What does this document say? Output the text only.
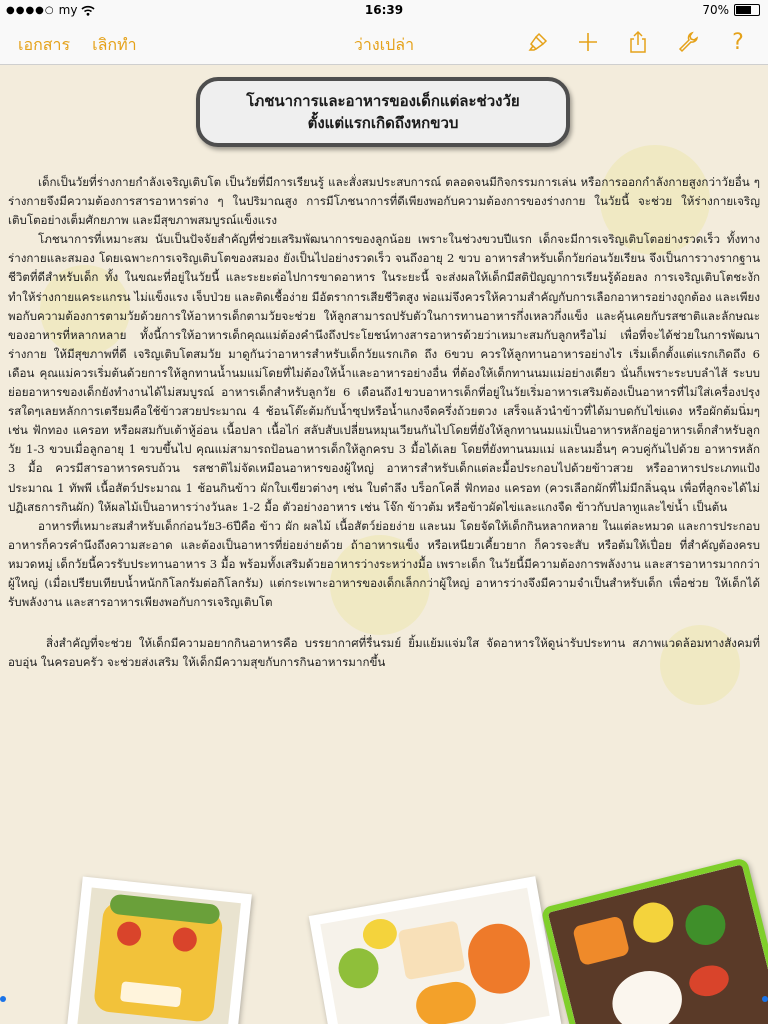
●●●●○ my	16:39	70%
เอกสาร เลิกทำ	ว่างเปล่า	?
โภชนาการและอาหารของเด็กแต่ละช่วงวัย
ตั้งแต่แรกเกิดถึงหกขวบ

เด็กเป็นวัยที่ร่างกายกำลังเจริญเติบโต เป็นวัยที่มีการเรียนรู้ และสั่งสมประสบการณ์ ตลอดจนมีกิจกรรมการเล่น หรือการออกกำลังกายสูงกว่าวัยอื่น ๆ ร่างกายจึงมีความต้องการสารอาหารต่าง ๆ ในปริมาณสูง การมีโภชนาการที่ดีเพียงพอกับความต้องการของร่างกาย ในวัยนี้ จะช่วย ให้ร่างกายเจริญเติบโตอย่างเต็มศักยภาพ และมีสุขภาพสมบูรณ์แข็งแรง

โภชนาการที่เหมาะสม นับเป็นปัจจัยสำคัญที่ช่วยเสริมพัฒนาการของลูกน้อย เพราะในช่วงขวบปีแรก เด็กจะมีการเจริญเติบโตอย่างรวดเร็ว ทั้งทางร่างกายและสมอง โดยเฉพาะการเจริญเติบโตของสมอง ยังเป็นไปอย่างรวดเร็ว จนถึงอายุ 2 ขวบ อาหารสำหรับเด็กวัยก่อนวัยเรียน จึงเป็นการวางรากฐานชีวิตที่ดีสำหรับเด็ก ทั้ง ในขณะที่อยู่ในวัยนี้ และระยะต่อไปการขาดอาหาร ในระยะนี้ จะส่งผลให้เด็กมีสติปัญญาการเรียนรู้ด้อยลง การเจริญเติบโตชะงัก ทำให้ร่างกายแคระแกรน ไม่แข็งแรง เจ็บป่วย และติดเชื้อง่าย มีอัตราการเสียชีวิตสูง พ่อแม่จึงควรให้ความสำคัญกับการเลือกอาหารอย่างถูกต้อง และเพียงพอกับความต้องการตามวัยด้วยการให้อาหารเด็กตามวัยจะช่วย ให้ลูกสามารถปรับตัวในการทานอาหารกึ่งเหลวกึ่งแข็ง และคุ้นเคยกับรสชาติและลักษณะของอาหารที่หลากหลาย ทั้งนี้การให้อาหารเด็กคุณแม่ต้องคำนึงถึงประโยชน์ทางสารอาหารด้วยว่าเหมาะสมกับลูกหรือไม่ เพื่อที่จะได้ช่วยในการพัฒนาร่างกาย ให้มีสุขภาพที่ดี เจริญเติบโตสมวัย มาดูกันว่าอาหารสำหรับเด็กวัยแรกเกิด ถึง 6ขวบ ควรให้ลูกทานอาหารอย่างไร เริ่มเด็กตั้งแต่แรกเกิดถึง 6 เดือน คุณแม่ควรเริ่มต้นด้วยการให้ลูกทานน้ำนมแม่โดยที่ไม่ต้องให้น้ำและอาหารอย่างอื่น ที่ต้องให้เด็กทานนมแม่อย่างเดียว นั่นก็เพราะระบบลำไส้ ระบบย่อยอาหารของเด็กยังทำงานได้ไม่สมบูรณ์ อาหารเด็กสำหรับลูกวัย 6 เดือนถึง1ขวบอาหารเด็กที่อยู่ในวัยเริ่มอาหารเสริมต้องเป็นอาหารที่ไม่ใส่เครื่องปรุงรสใดๆเลยหลักการเตรียมคือใช้ข้าวสวยประมาณ 4 ช้อนโต๊ะต้มกับน้ำซุปหรือน้ำแกงจืดครึ่งถ้วยตวง เสร็จแล้วนำข้าวที่ได้มาบดกับไข่แดง หรือผักต้มนิ่มๆ เช่น ฟักทอง แครอท หรือผสมกับเต้าหู้อ่อน เนื้อปลา เนื้อไก่ สลับสับเปลี่ยนหมุนเวียนกันไปโดยที่ยังให้ลูกทานนมแม่เป็นอาหารหลักอยู่อาหารเด็กสำหรับลูกวัย 1-3 ขวบเมื่อลูกอายุ 1 ขวบขึ้นไป คุณแม่สามารถป้อนอาหารเด็กให้ลูกครบ 3 มื้อได้เลย โดยที่ยังทานนมแม่ และนมอื่นๆ ควบคู่กันไปด้วย อาหารหลัก 3 มื้อ ควรมีสารอาหารครบถ้วน รสชาติไม่จัดเหมือนอาหารของผู้ใหญ่ อาหารสำหรับเด็กแต่ละมื้อประกอบไปด้วยข้าวสวย หรืออาหารประเภทแป้งประมาณ 1 ทัพพี เนื้อสัตว์ประมาณ 1 ช้อนกินข้าว ผักใบเขียวต่างๆ เช่น ใบตำลึง บร็อกโคลี่ ฟักทอง แครอท (ควรเลือกผักที่ไม่มีกลิ่นฉุน เพื่อที่ลูกจะได้ไม่ปฏิเสธการกินผัก) ให้ผลไม้เป็นอาหารว่างวันละ 1-2 มื้อ ตัวอย่างอาหาร เช่น โจ๊ก ข้าวต้ม หรือข้าวผัดไข่และแกงจืด ข้าวกับปลาทูและไข่น้ำ เป็นต้น

อาหารที่เหมาะสมสำหรับเด็กก่อนวัย3-6ปีคือ ข้าว ผัก ผลไม้ เนื้อสัตว์ย่อยง่าย และนม โดยจัดให้เด็กกินหลากหลาย ในแต่ละหมวด และการประกอบอาหารก็ควรคำนึงถึงความสะอาด และต้องเป็นอาหารที่ย่อยง่ายด้วย ถ้าอาหารแข็ง หรือเหนียวเคี้ยวยาก ก็ควรจะสับ หรือต้มให้เปื่อย ที่สำคัญต้องครบหมวดหมู่ เด็กวัยนี้ควรรับประทานอาหาร 3 มื้อ พร้อมทั้งเสริมด้วยอาหารว่างระหว่างมื้อ เพราะเด็ก ในวัยนี้มีความต้องการพลังงาน และสารอาหารมากกว่าผู้ใหญ่ (เมื่อเปรียบเทียบน้ำหนักกิโลกรัมต่อกิโลกรัม) แต่กระเพาะอาหารของเด็กเล็กกว่าผู้ใหญ่ อาหารว่างจึงมีความจำเป็นสำหรับเด็ก เพื่อช่วย ให้เด็กได้รับพลังงาน และสารอาหารเพียงพอกับการเจริญเติบโต

สิ่งสำคัญที่จะช่วย ให้เด็กมีความอยากกินอาหารคือ บรรยากาศที่รื่นรมย์ ยิ้มแย้มแจ่มใส จัดอาหารให้ดูน่ารับประทาน สภาพแวดล้อมทางสังคมที่อบอุ่น ในครอบครัว จะช่วยส่งเสริม ให้เด็กมีความสุขกับการกินอาหารมากขึ้น
